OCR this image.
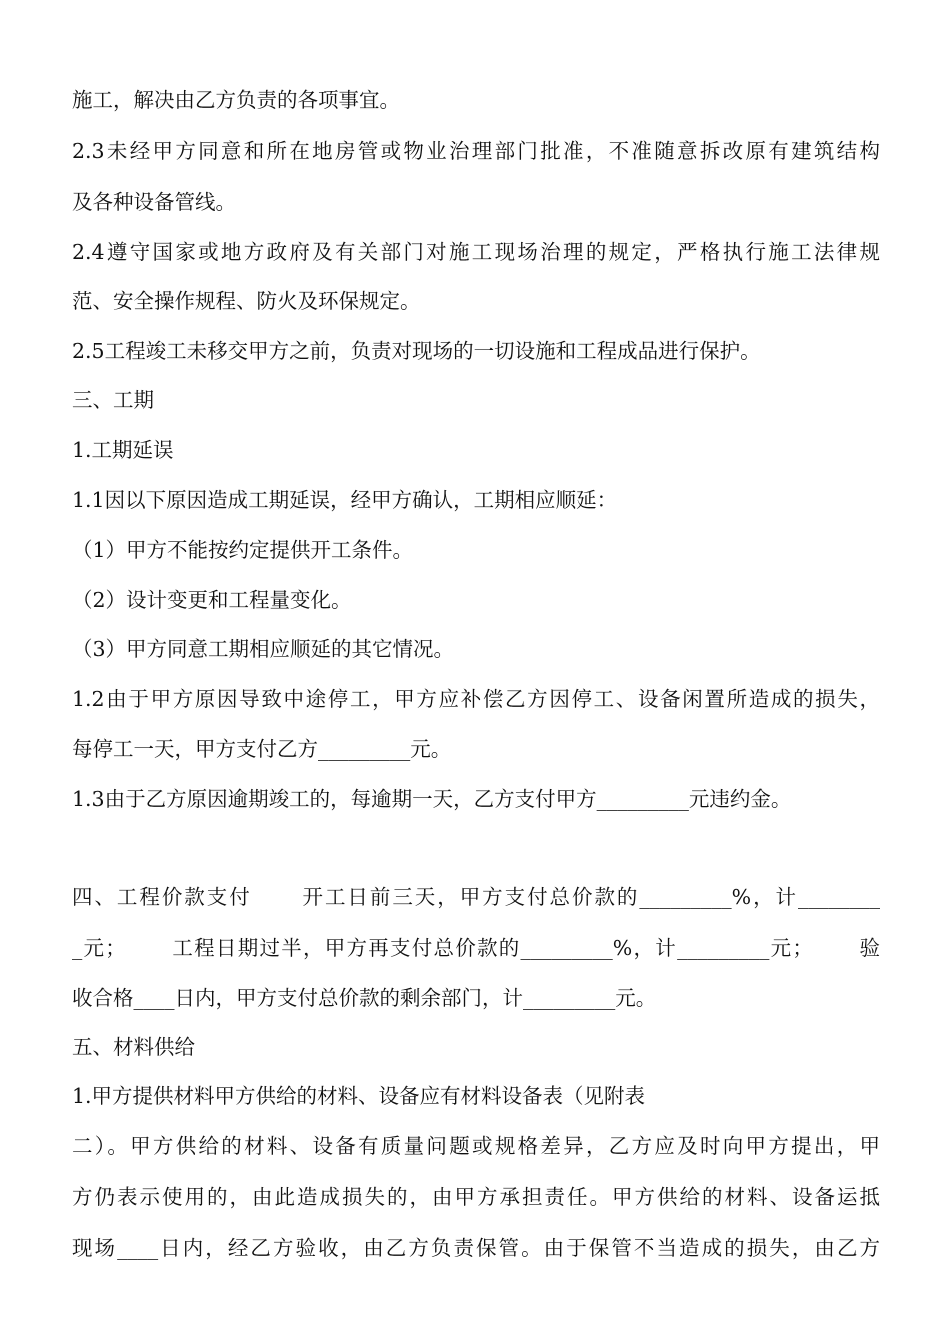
施工，解决由乙方负责的各项事宜。
2.3未经甲方同意和所在地房管或物业治理部门批准，不准随意拆改原有建筑结构
及各种设备管线。
2.4遵守国家或地方政府及有关部门对施工现场治理的规定，严格执行施工法律规
范、安全操作规程、防火及环保规定。
2.5工程竣工未移交甲方之前，负责对现场的一切设施和工程成品进行保护。
三、工期
1.工期延误
1.1因以下原因造成工期延误，经甲方确认，工期相应顺延：
（1）甲方不能按约定提供开工条件。
（2）设计变更和工程量变化。
（3）甲方同意工期相应顺延的其它情况。
1.2由于甲方原因导致中途停工，甲方应补偿乙方因停工、设备闲置所造成的损失，
每停工一天，甲方支付乙方_________元。
1.3由于乙方原因逾期竣工的，每逾期一天，乙方支付甲方_________元违约金。
四、工程价款支付      开工日前三天，甲方支付总价款的_________%，计________
_元；      工程日期过半，甲方再支付总价款的_________%，计_________元；      验
收合格____日内，甲方支付总价款的剩余部门，计_________元。
五、材料供给
1.甲方提供材料甲方供给的材料、设备应有材料设备表（见附表
二）。甲方供给的材料、设备有质量问题或规格差异，乙方应及时向甲方提出，甲
方仍表示使用的，由此造成损失的，由甲方承担责任。甲方供给的材料、设备运抵
现场____日内，经乙方验收，由乙方负责保管。由于保管不当造成的损失，由乙方
